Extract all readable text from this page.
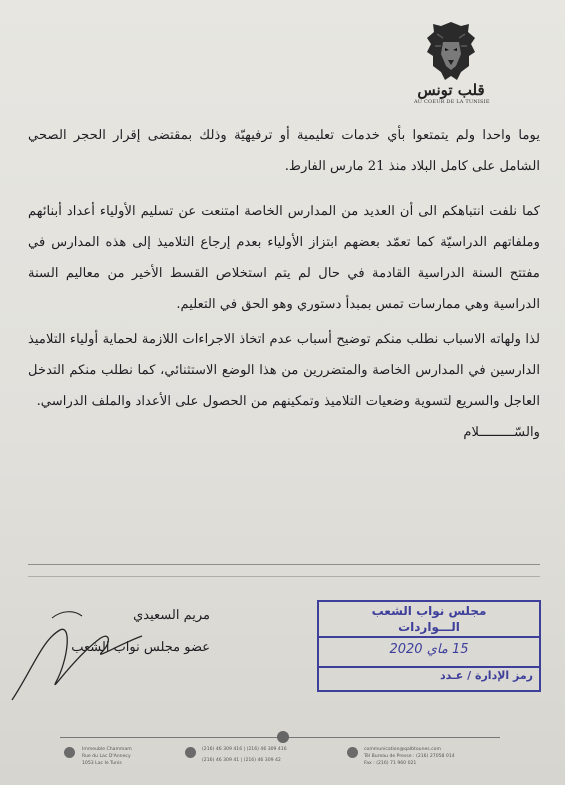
قلب تونس
AU COEUR DE LA TUNISIE

يوما واحدا ولم يتمتعوا بأي خدمات تعليمية أو ترفيهيّة وذلك بمقتضى إقرار الحجر الصحي الشامل على كامل البلاد منذ 21 مارس الفارط.

كما نلفت انتباهكم الى أن العديد من المدارس الخاصة امتنعت عن تسليم الأولياء أعداد أبنائهم وملفاتهم الدراسيّة كما تعمّد بعضهم ابتزاز الأولياء بعدم إرجاع التلاميذ إلى هذه المدارس في مفتتح السنة الدراسية القادمة في حال لم يتم استخلاص القسط الأخير من معاليم السنة الدراسية وهي ممارسات تمس بمبدأ دستوري وهو الحق في التعليم.

لذا ولهاته الاسباب نطلب منكم توضيح أسباب عدم اتخاذ الاجراءات اللازمة لحماية أولياء التلاميذ الدارسين في المدارس الخاصة والمتضررين من هذا الوضع الاستثنائي، كما نطلب منكم التدخل العاجل والسريع لتسوية وضعيات التلاميذ وتمكينهم من الحصول على الأعداد والملف الدراسي.

والسّـــــــــلام

مريم السعيدي
عضو مجلس نواب الشعب
مجلس نواب الشعب
الـــواردات
15 ماي 2020
رمز الإدارة / عـدد
Immeuble Chammam
Rue du Lac D'Annecy
1053 Lac Ie Tunis
(216) 46 309 416 | (216) 46 309 416
(216) 46 309 41 | (216) 46 309 42
communication@qalbtounes.com
Tél Bureau de Presse : (216) 27058 014
Fax : (216) 71 960 021
